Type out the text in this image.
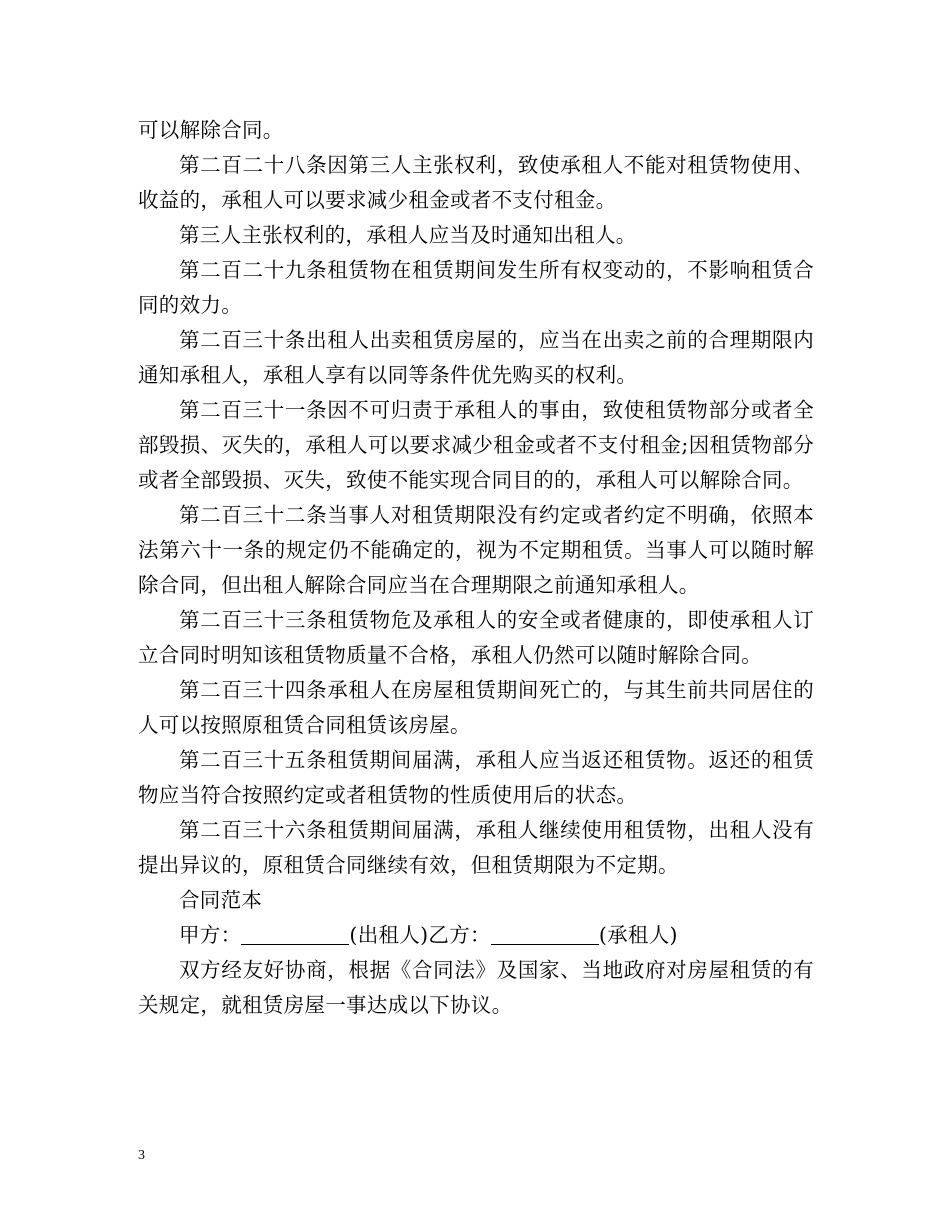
可以解除合同。

第二百二十八条因第三人主张权利，致使承租人不能对租赁物使用、收益的，承租人可以要求减少租金或者不支付租金。

第三人主张权利的，承租人应当及时通知出租人。

第二百二十九条租赁物在租赁期间发生所有权变动的，不影响租赁合同的效力。

第二百三十条出租人出卖租赁房屋的，应当在出卖之前的合理期限内通知承租人，承租人享有以同等条件优先购买的权利。

第二百三十一条因不可归责于承租人的事由，致使租赁物部分或者全部毁损、灭失的，承租人可以要求减少租金或者不支付租金;因租赁物部分或者全部毁损、灭失，致使不能实现合同目的的，承租人可以解除合同。

第二百三十二条当事人对租赁期限没有约定或者约定不明确，依照本法第六十一条的规定仍不能确定的，视为不定期租赁。当事人可以随时解除合同，但出租人解除合同应当在合理期限之前通知承租人。

第二百三十三条租赁物危及承租人的安全或者健康的，即使承租人订立合同时明知该租赁物质量不合格，承租人仍然可以随时解除合同。

第二百三十四条承租人在房屋租赁期间死亡的，与其生前共同居住的人可以按照原租赁合同租赁该房屋。

第二百三十五条租赁期间届满，承租人应当返还租赁物。返还的租赁物应当符合按照约定或者租赁物的性质使用后的状态。

第二百三十六条租赁期间届满，承租人继续使用租赁物，出租人没有提出异议的，原租赁合同继续有效，但租赁期限为不定期。

合同范本

甲方：	(出租人)乙方：	(承租人)

双方经友好协商，根据《合同法》及国家、当地政府对房屋租赁的有关规定，就租赁房屋一事达成以下协议。

3
